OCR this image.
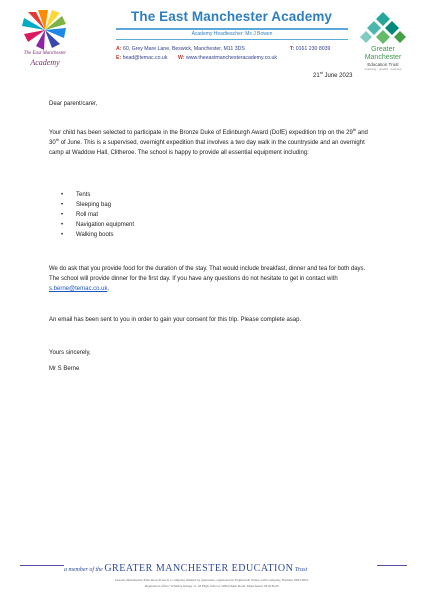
The East Manchester
Academy
The East Manchester Academy
Academy Headteacher: Ms J Bowen
A: 60, Grey Mare Lane, Beswick, Manchester, M11 3DS	T: 0161 230 8039
E: head@temac.co.uk W: www.theeastmanchesteracademy.co.uk
Greater
Manchester
Education Trust
Learning · growth · success
21st June 2023
Dear parent/carer,
Your child has been selected to participate in the Bronze Duke of Edinburgh Award (DofE) expedition trip on the 29th and 30th of June. This is a supervised, overnight expedition that involves a two day walk in the countryside and an overnight camp at Waddow Hall, Clitheroe. The school is happy to provide all essential equipment including:
• Tents
• Sleeping bag
• Roll mat
• Navigation equipment
• Walking boots
We do ask that you provide food for the duration of the stay. That would include breakfast, dinner and tea for both days. The school will provide dinner for the first day. If you have any questions do not hesitate to get in contact with s.berne@temac.co.uk.
An email has been sent to you in order to gain your consent for this trip. Please complete asap.
Yours sincerely,
Mr S Berne
a member of the GREATER MANCHESTER EDUCATION Trust
Greater Manchester Education Trust is a company limited by guarantee, registered in England & Wales with Company Number 09913952.
Registered office: Whalley Range 11-18 High School, Wilbraham Road, Manchester M16 8GW
